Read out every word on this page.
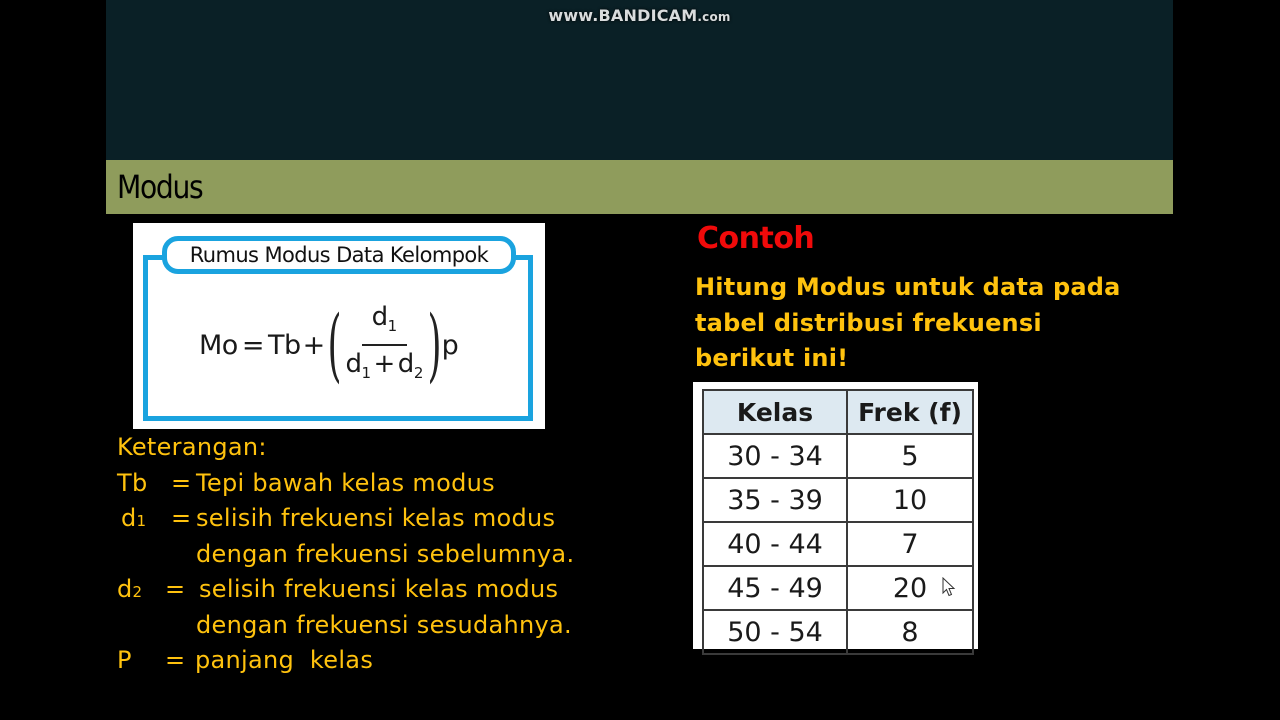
www.BANDICAM.com
Modus
Rumus Modus Data Kelompok
Mo = Tb + ( $\frac{d_1}{d_1 + d_2}$ ) p
Keterangan:
Tb = Tepi bawah kelas modus
d1 = selisih frekuensi kelas modus
dengan frekuensi sebelumnya.
d2 = selisih frekuensi kelas modus
dengan frekuensi sesudahnya.
P = panjang  kelas
Contoh
Hitung Modus untuk data pada
tabel distribusi frekuensi
berikut ini!
Kelas	Frek (f)
30 - 34	5
35 - 39	10
40 - 44	7
45 - 49	20
50 - 54	8
